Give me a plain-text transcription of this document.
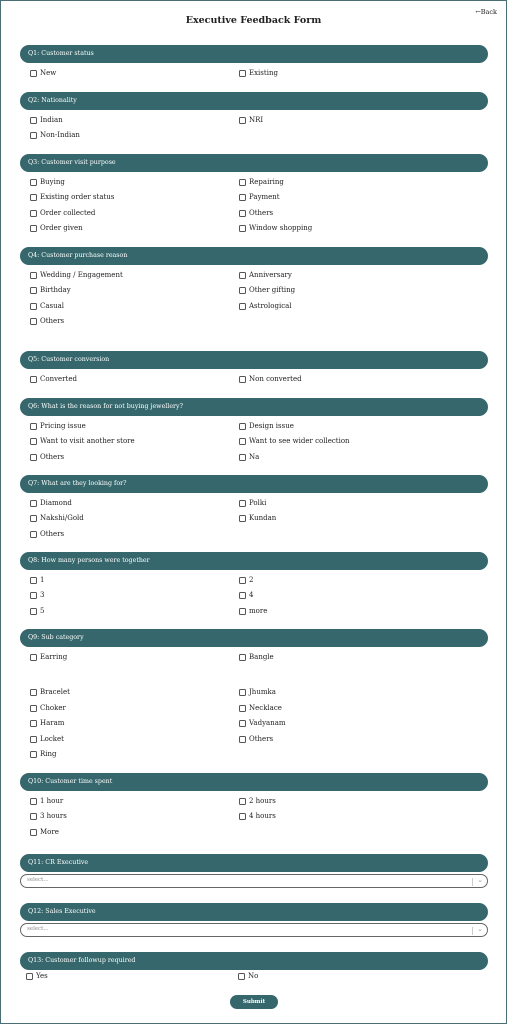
←Back
Executive Feedback Form
Q1: Customer status
New	Existing
Q2: Nationality
Indian	NRI
Non-Indian
Q3: Customer visit purpose
Buying	Repairing
Existing order status	Payment
Order collected	Others
Order given	Window shopping
Q4: Customer purchase reason
Wedding / Engagement	Anniversary
Birthday	Other gifting
Casual	Astrological
Others
Q5: Customer conversion
Converted	Non converted
Q6: What is the reason for not buying jewellery?
Pricing issue	Design issue
Want to visit another store	Want to see wider collection
Others	Na
Q7: What are they looking for?
Diamond	Polki
Nakshi/Gold	Kundan
Others
Q8: How many persons were together
1	2
3	4
5	more
Q9: Sub category
Earring	Bangle
Bracelet	Jhumka
Choker	Necklace
Haram	Vadyanam
Locket	Others
Ring
Q10: Customer time spent
1 hour	2 hours
3 hours	4 hours
More
Q11: CR Executive
select...	⌄
Q12: Sales Executive
select...	⌄
Q13: Customer followup required
Yes	No
Submit
